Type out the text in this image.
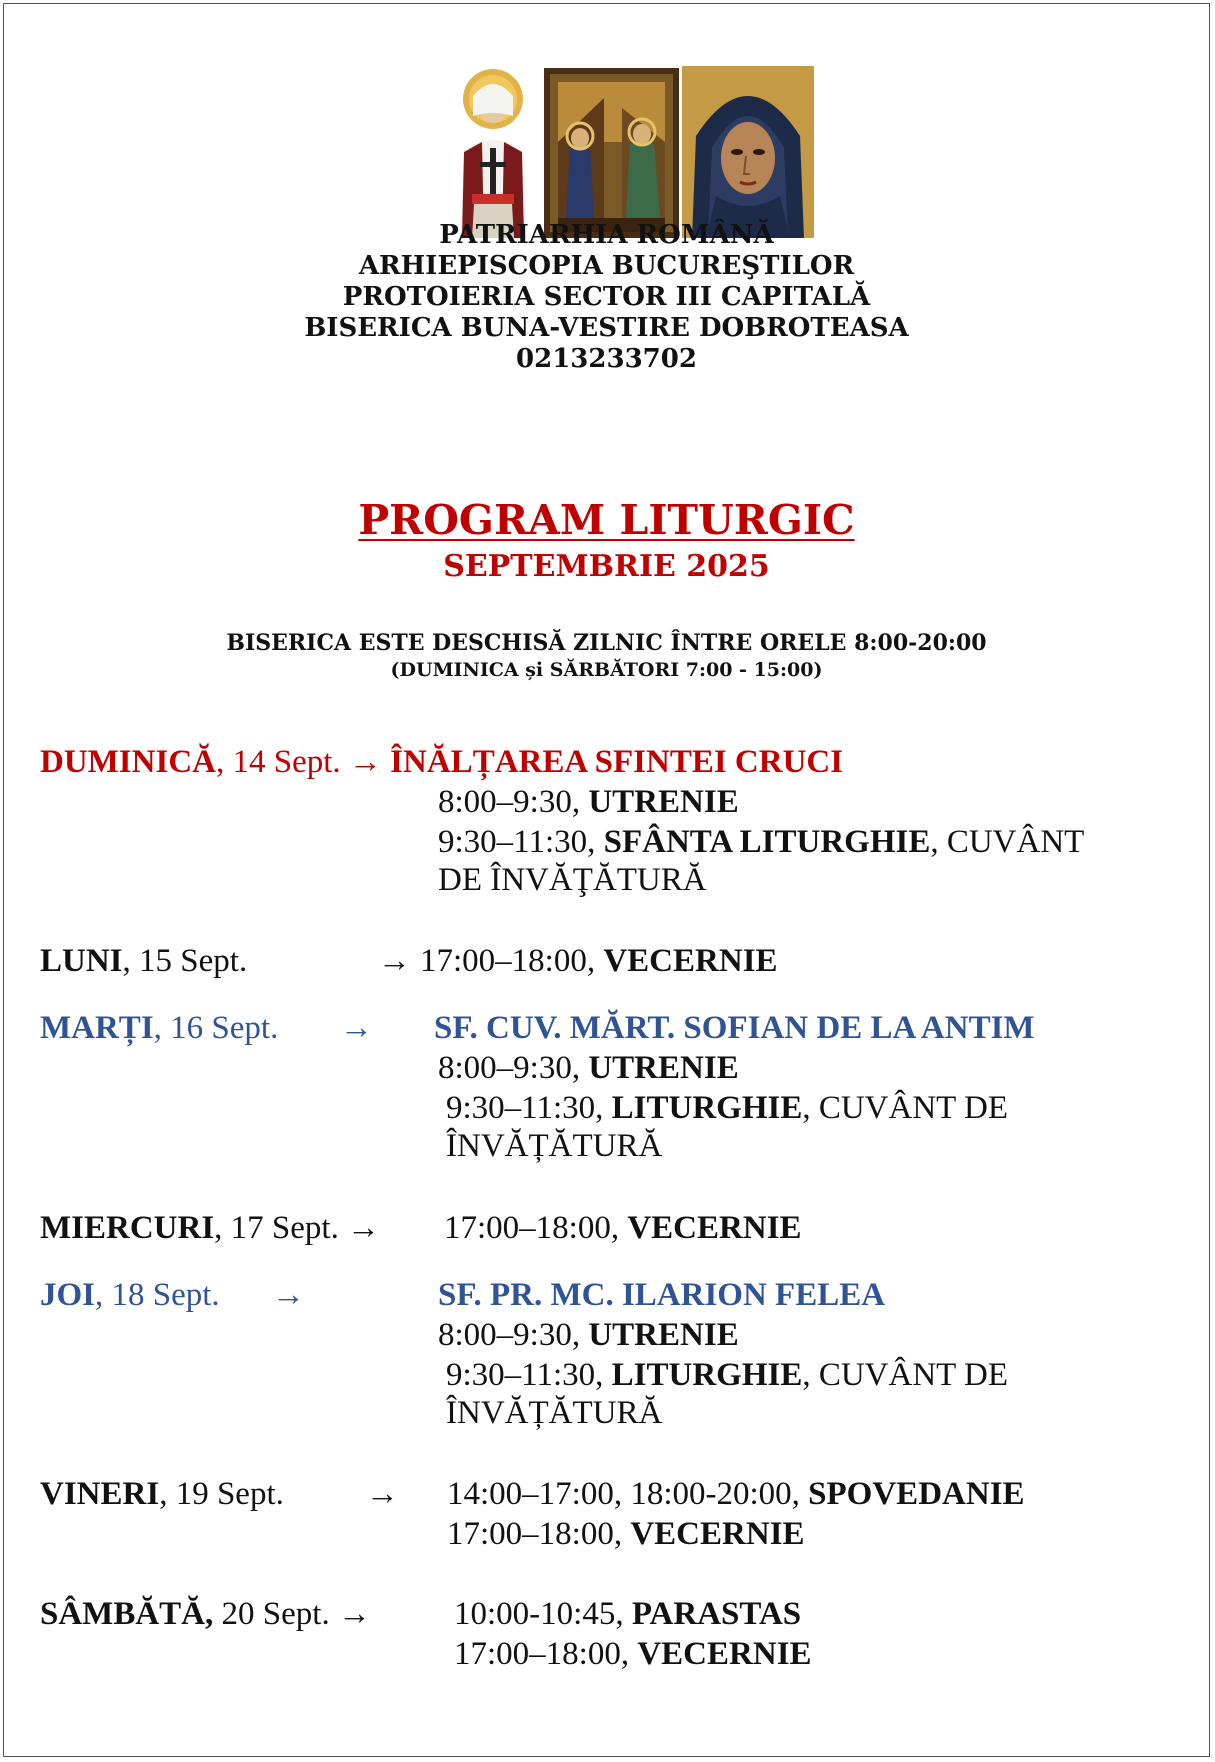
PATRIARHIA ROMÂNĂ
ARHIEPISCOPIA BUCUREŞTILOR
PROTOIERIA SECTOR III CAPITALĂ
BISERICA BUNA-VESTIRE DOBROTEASA
0213233702
PROGRAM LITURGIC
SEPTEMBRIE 2025
BISERICA ESTE DESCHISĂ ZILNIC ÎNTRE ORELE 8:00-20:00
(DUMINICA și SĂRBĂTORI 7:00 - 15:00)
DUMINICĂ, 14 Sept. → ÎNĂLȚAREA SFINTEI CRUCI
8:00–9:30, UTRENIE
9:30–11:30, SFÂNTA LITURGHIE, CUVÂNT
DE ÎNVĂŢĂTURĂ
LUNI, 15 Sept.	→ 17:00–18:00, VECERNIE
MARȚI, 16 Sept. → SF. CUV. MĂRT. SOFIAN DE LA ANTIM
8:00–9:30, UTRENIE
9:30–11:30, LITURGHIE, CUVÂNT DE
ÎNVĂȚĂTURĂ
MIERCURI, 17 Sept. → 17:00–18:00, VECERNIE
JOI, 18 Sept. →	SF. PR. MC. ILARION FELEA
8:00–9:30, UTRENIE
9:30–11:30, LITURGHIE, CUVÂNT DE
ÎNVĂȚĂTURĂ
VINERI, 19 Sept. → 14:00–17:00, 18:00-20:00, SPOVEDANIE
17:00–18:00, VECERNIE
SÂMBĂTĂ, 20 Sept. →	10:00-10:45, PARASTAS
17:00–18:00, VECERNIE
